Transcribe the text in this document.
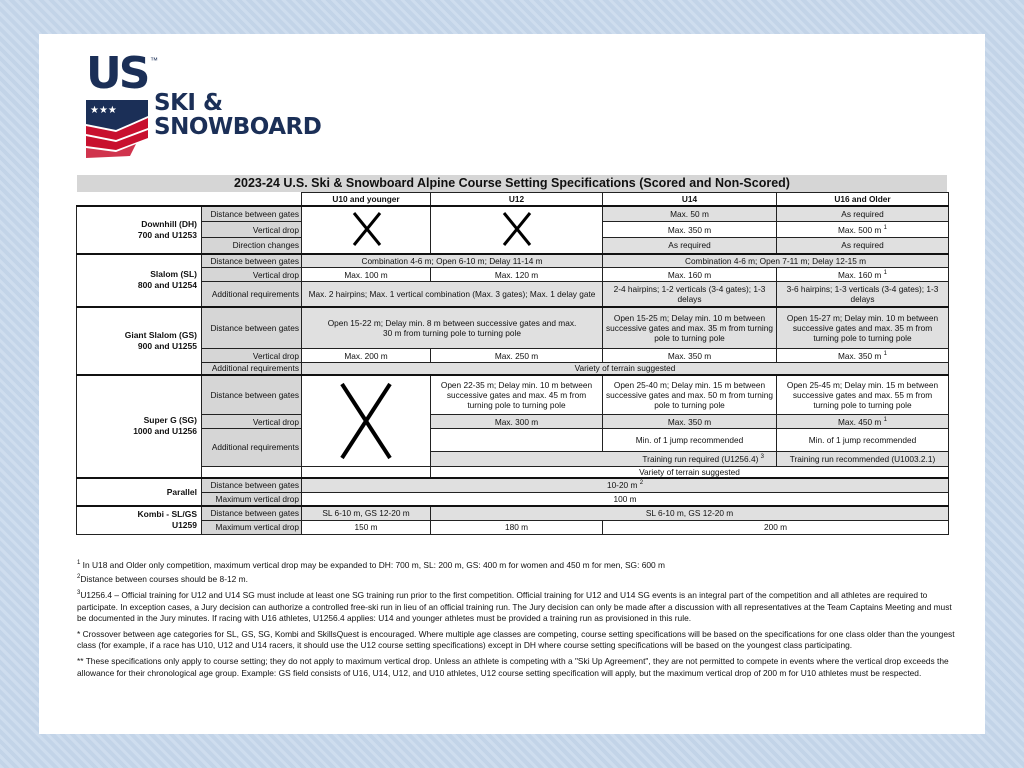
US ™
★★★ SKI &
SNOWBOARD
2023-24 U.S. Ski & Snowboard Alpine Course Setting Specifications (Scored and Non-Scored)
		U10 and younger	U12	U14	U16 and Older
Downhill (DH)
700 and U1253	Distance between gates			Max. 50 m	As required
	Vertical drop			Max. 350 m	Max. 500 m $^1$
	Direction changes			As required	As required
Slalom (SL)
800 and U1254	Distance between gates	Combination 4-6 m; Open 6-10 m; Delay 11-14 m		Combination 4-6 m; Open 7-11 m; Delay 12-15 m	
	Vertical drop	Max. 100 m	Max. 120 m	Max. 160 m	Max. 160 m $^1$
	Additional requirements	Max. 2 hairpins; Max. 1 vertical combination (Max. 3 gates); Max. 1 delay gate		2-4 hairpins; 1-2 verticals (3-4 gates); 1-3 delays	3-6 hairpins; 1-3 verticals (3-4 gates); 1-3 delays
Giant Slalom (GS)
900 and U1255	Distance between gates	Open 15-22 m; Delay min. 8 m between successive gates and max. 30 m from turning pole to turning pole		Open 15-25 m; Delay min. 10 m between successive gates and max. 35 m from turning pole to turning pole	Open 15-27 m; Delay min. 10 m between successive gates and max. 35 m from turning pole to turning pole
	Vertical drop	Max. 200 m	Max. 250 m	Max. 350 m	Max. 350 m $^1$
	Additional requirements	Variety of terrain suggested			
Super G (SG)
1000 and U1256	Distance between gates		Open 22-35 m; Delay min. 10 m between successive gates and max. 45 m from turning pole to turning pole	Open 25-40 m; Delay min. 15 m between successive gates and max. 50 m from turning pole to turning pole	Open 25-45 m; Delay min. 15 m between successive gates and max. 55 m from turning pole to turning pole
	Vertical drop		Max. 300 m	Max. 350 m	Max. 450 m $^1$
	Additional requirements			Min. of 1 jump recommended	Min. of 1 jump recommended
			Training run required (U1256.4) $^3$		Training run recommended (U1003.2.1)
			Variety of terrain suggested		
Parallel	Distance between gates	10-20 m $^2$
	Maximum vertical drop	100 m			
Kombi - SL/GS
U1259	Distance between gates	SL 6-10 m, GS 12-20 m	SL 6-10 m, GS 12-20 m		
	Maximum vertical drop	150 m	180 m	200 m	

$^1$ In U18 and Older only competition, maximum vertical drop may be expanded to DH: 700 m, SL: 200 m, GS: 400 m for women and 450 m for men, SG: 600 m

$^2$Distance between courses should be 8-12 m.

$^3$U1256.4 – Official training for U12 and U14 SG must include at least one SG training run prior to the first competition. Official training for U12 and U14 SG events is an integral part of the competition and all athletes are required to participate. In exception cases, a Jury decision can authorize a controlled free-ski run in lieu of an official training run. The Jury decision can only be made after a discussion with all representatives at the Team Captains Meeting and must be documented in the Jury minutes. If racing with U16 athletes, U1256.4 applies: U14 and younger athletes must be provided a training run as provisioned in this rule.

* Crossover between age categories for SL, GS, SG, Kombi and SkillsQuest is encouraged. Where multiple age classes are competing, course setting specifications will be based on the specifications for one class older than the youngest class (for example, if a race has U10, U12 and U14 racers, it should use the U12 course setting specifications) except in DH where course setting specifications will be based on the youngest class participating.

** These specifications only apply to course setting; they do not apply to maximum vertical drop. Unless an athlete is competing with a "Ski Up Agreement", they are not permitted to compete in events where the vertical drop exceeds the allowance for their chronological age group. Example: GS field consists of U16, U14, U12, and U10 athletes, U12 course setting specification will apply, but the maximum vertical drop of 200 m for U10 athletes must be respected.
